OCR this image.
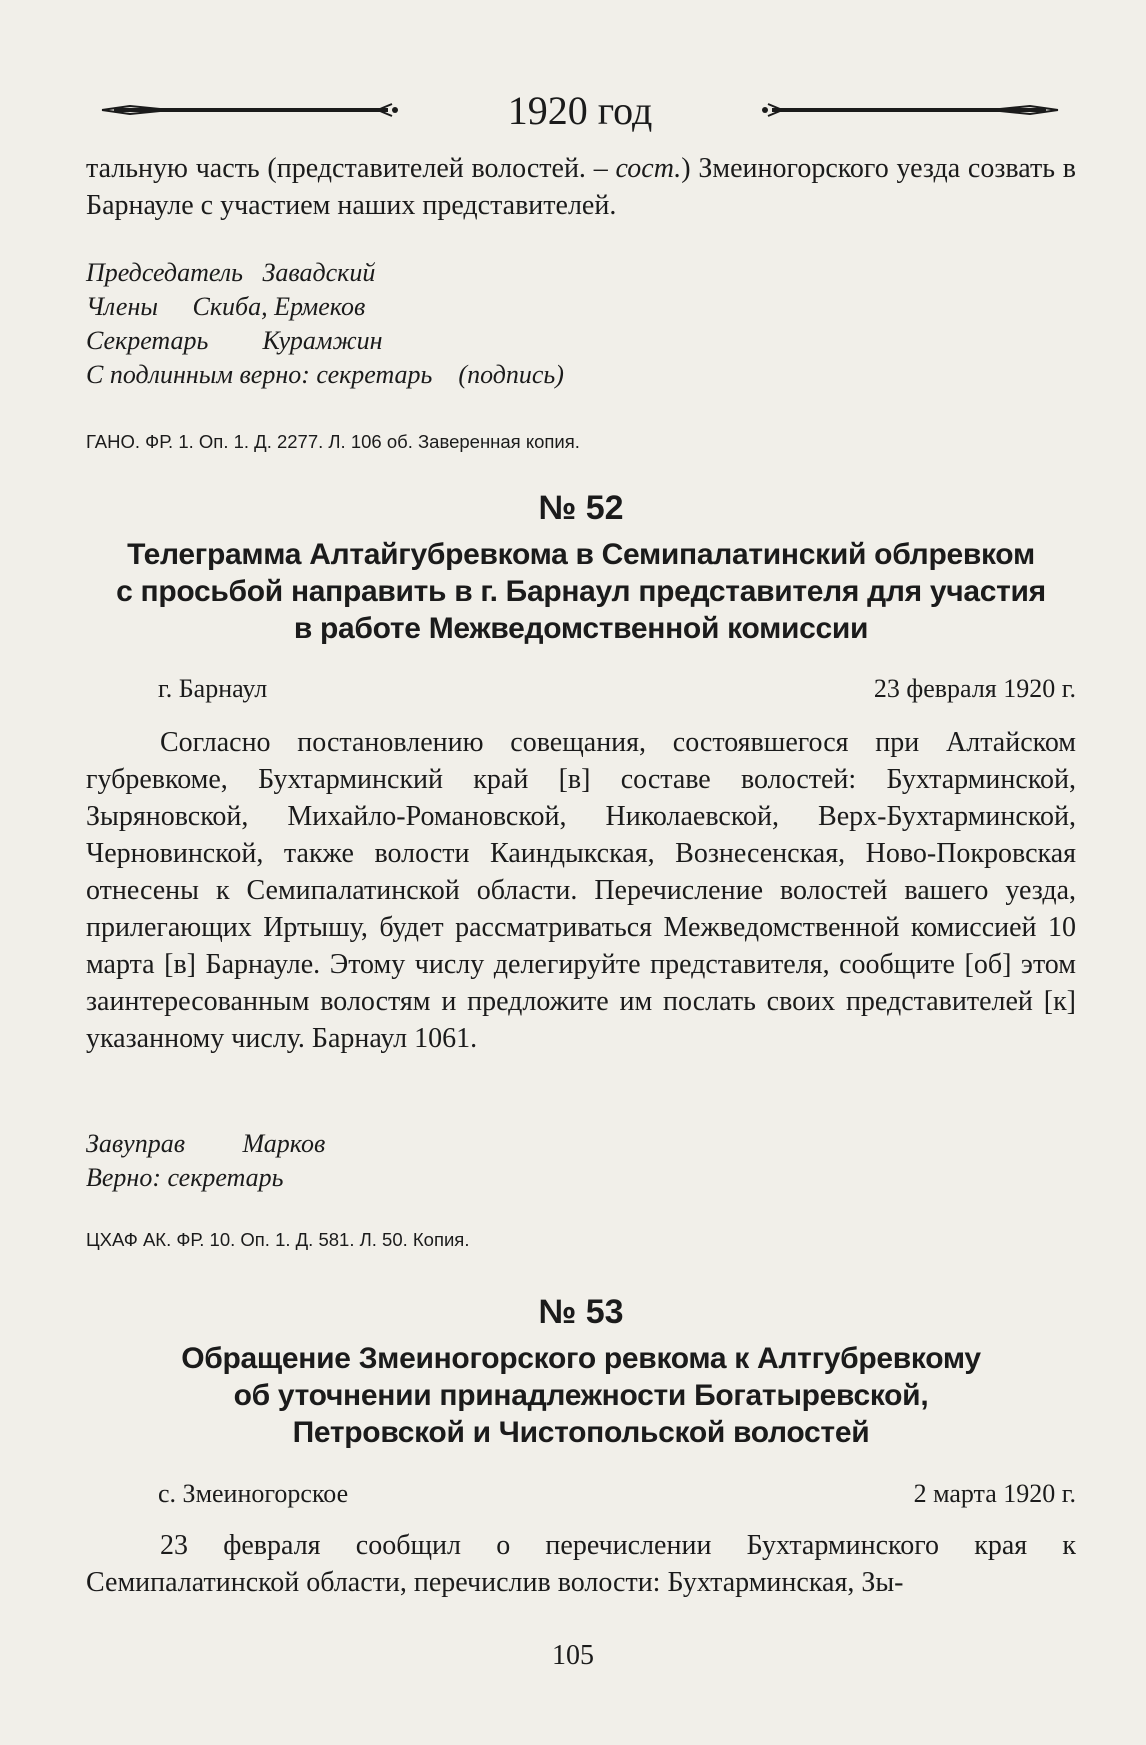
1920 год

тальную часть (представителей волостей. – сост.) Змеиногорского уезда созвать в Барнауле с участием наших представителей.

Председатель Завадский
Члены Скиба, Ермеков
Секретарь Курамжин
С подлинным верно: секретарь (подпись)
ГАНО. ФР. 1. Оп. 1. Д. 2277. Л. 106 об. Заверенная копия.
№ 52
Телеграмма Алтайгубревкома в Семипалатинский облревком
с просьбой направить в г. Барнаул представителя для участия
в работе Межведомственной комиссии
г. Барнаул	23 февраля 1920 г.

Согласно постановлению совещания, состоявшегося при Алтайском губревкоме, Бухтарминский край [в] составе волостей: Бухтарминской, Зыряновской, Михайло-Романовской, Николаевской, Верх-Бухтарминской, Черновинской, также волости Каиндыкская, Вознесенская, Ново-Покровская отнесены к Семипалатинской области. Перечисление волостей вашего уезда, прилегающих Иртышу, будет рассматриваться Межведомственной комиссией 10 марта [в] Барнауле. Этому числу делегируйте представителя, сообщите [об] этом заинтересованным волостям и предложите им послать своих представителей [к] указанному числу. Барнаул 1061.

Завуправ Марков
Верно: секретарь
ЦХАФ АК. ФР. 10. Оп. 1. Д. 581. Л. 50. Копия.
№ 53
Обращение Змеиногорского ревкома к Алтгубревкому
об уточнении принадлежности Богатыревской,
Петровской и Чистопольской волостей
с. Змеиногорское	2 марта 1920 г.

23 февраля сообщил о перечислении Бухтарминского края к Семипалатинской области, перечислив волости: Бухтарминская, Зы-

105
